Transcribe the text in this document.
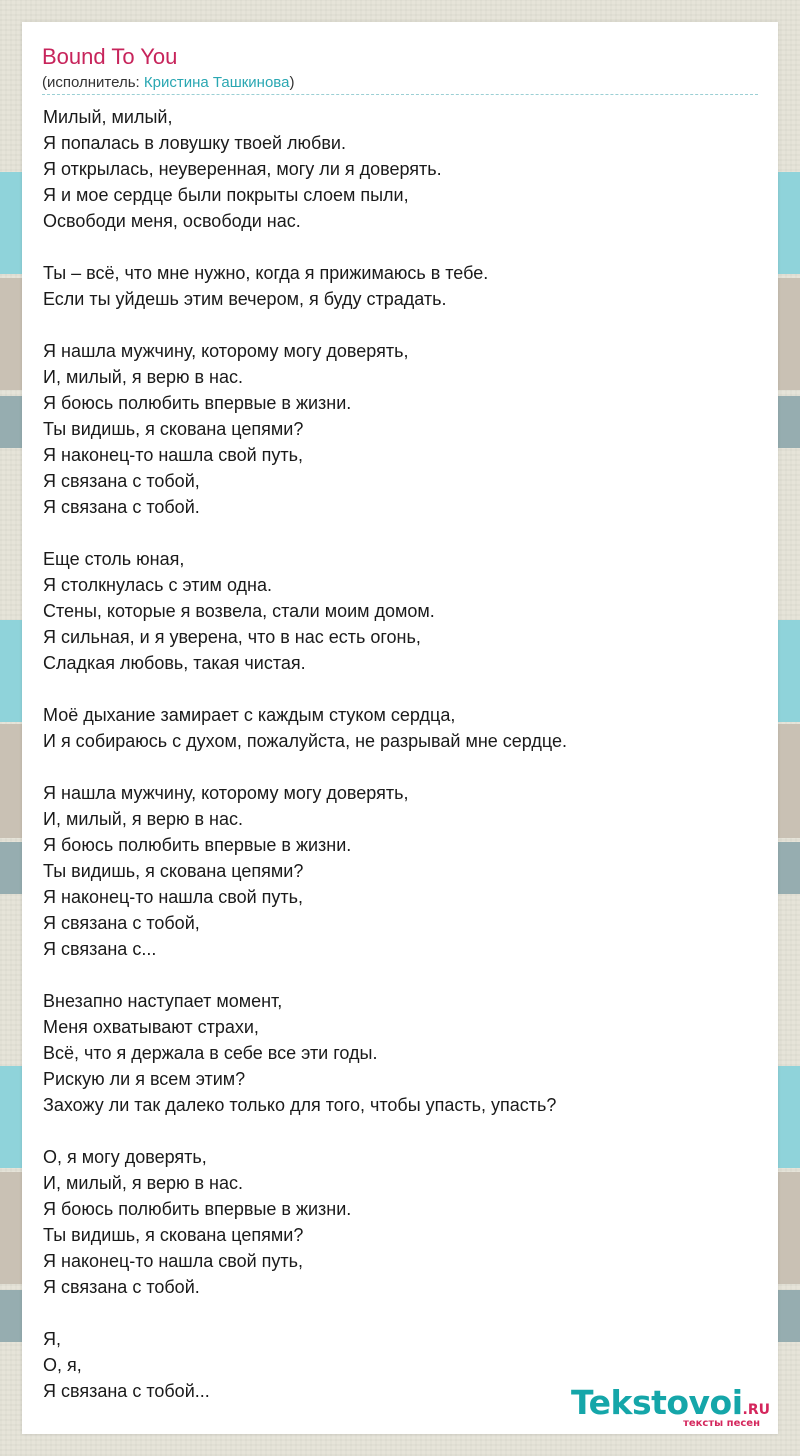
Bound To You
(исполнитель: Кристина Ташкинова)
Милый, милый,
Я попалась в ловушку твоей любви.
Я открылась, неуверенная, могу ли я доверять.
Я и мое сердце были покрыты слоем пыли,
Освободи меня, освободи нас.
Ты – всё, что мне нужно, когда я прижимаюсь в тебе.
Если ты уйдешь этим вечером, я буду страдать.
Я нашла мужчину, которому могу доверять,
И, милый, я верю в нас.
Я боюсь полюбить впервые в жизни.
Ты видишь, я скована цепями?
Я наконец-то нашла свой путь,
Я связана с тобой,
Я связана с тобой.
Еще столь юная,
Я столкнулась с этим одна.
Стены, которые я возвела, стали моим домом.
Я сильная, и я уверена, что в нас есть огонь,
Сладкая любовь, такая чистая.
Моё дыхание замирает с каждым стуком сердца,
И я собираюсь с духом, пожалуйста, не разрывай мне сердце.
Я нашла мужчину, которому могу доверять,
И, милый, я верю в нас.
Я боюсь полюбить впервые в жизни.
Ты видишь, я скована цепями?
Я наконец-то нашла свой путь,
Я связана с тобой,
Я связана с...
Внезапно наступает момент,
Меня охватывают страхи,
Всё, что я держала в себе все эти годы.
Рискую ли я всем этим?
Захожу ли так далеко только для того, чтобы упасть, упасть?
О, я могу доверять,
И, милый, я верю в нас.
Я боюсь полюбить впервые в жизни.
Ты видишь, я скована цепями?
Я наконец-то нашла свой путь,
Я связана с тобой.
Я,
О, я,
Я связана с тобой...	Tekstovoi.RU
тексты песен
